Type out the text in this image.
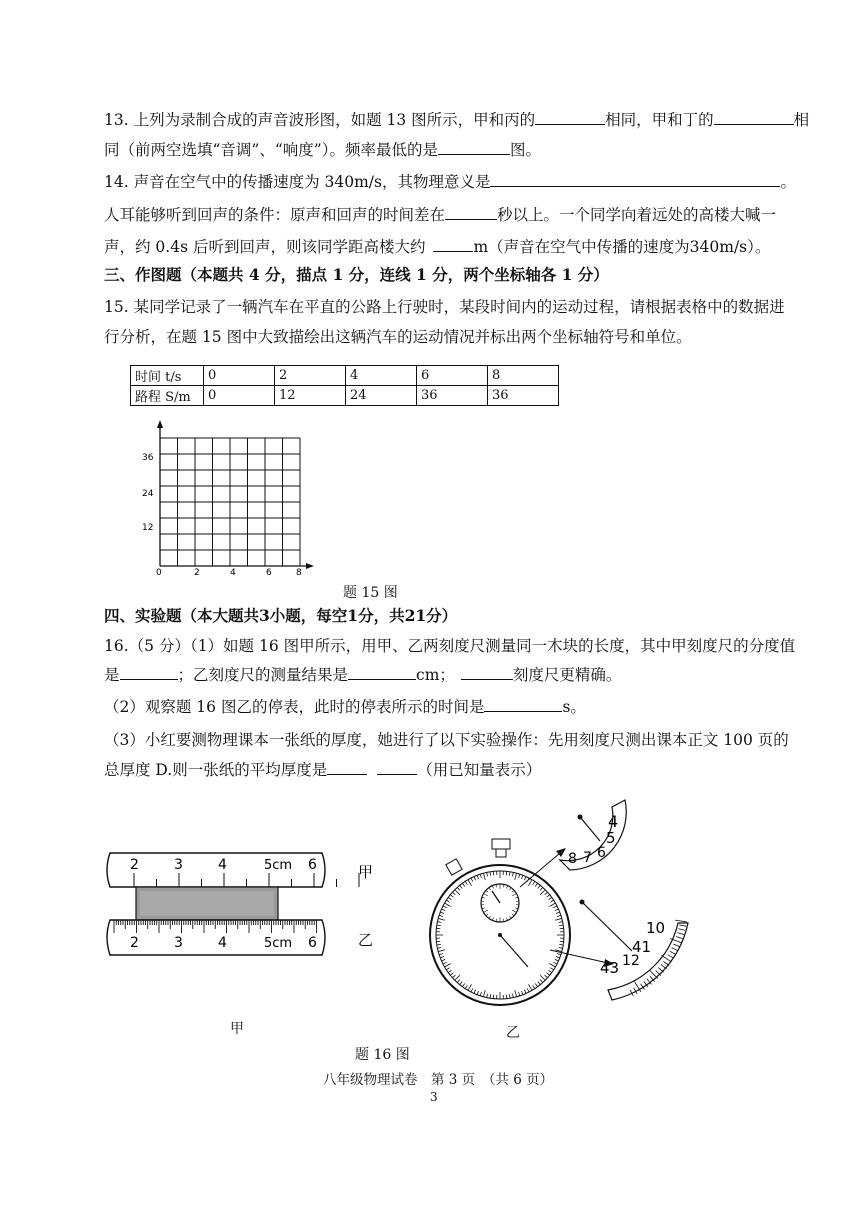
13. 上列为录制合成的声音波形图，如题 13 图所示，甲和丙的	相同，甲和丁的	相
同（前两空选填“音调”、“响度”）。频率最低的是	图。
14. 声音在空气中的传播速度为 340m/s，其物理意义是	。
人耳能够听到回声的条件：原声和回声的时间差在	秒以上。一个同学向着远处的高楼大喊一
声，约 0.4s 后听到回声，则该同学距高楼大约	m（声音在空气中传播的速度为340m/s）。
三、作图题（本题共 4 分，描点 1 分，连线 1 分，两个坐标轴各 1 分）
15. 某同学记录了一辆汽车在平直的公路上行驶时，某段时间内的运动过程，请根据表格中的数据进
行分析，在题 15 图中大致描绘出这辆汽车的运动情况并标出两个坐标轴符号和单位。
时间 t/s	0	2	4	6	8
路程 S/m	0	12	24	36	36
36
24
12
0	2	4	6	8
题 15 图
四、实验题（本大题共3小题，每空1分，共21分）
16.（5 分）（1）如题 16 图甲所示，用甲、乙两刻度尺测量同一木块的长度，其中甲刻度尺的分度值
是	；乙刻度尺的测量结果是	cm；	刻度尺更精确。
（2）观察题 16 图乙的停表，此时的停表所示的时间是	s。
（3）小红要测物理课本一张纸的厚度，她进行了以下实验操作：先用刻度尺测出课本正文 100 页的
总厚度 D.则一张纸的平均厚度是	（用已知量表示）
2	3	4	5cm 6
2	3	4	5cm 6
甲
乙
4
5
6
7
8
10
41
12
43
甲	乙
题 16 图
八年级物理试卷　第 3 页　（共 6 页）
3
